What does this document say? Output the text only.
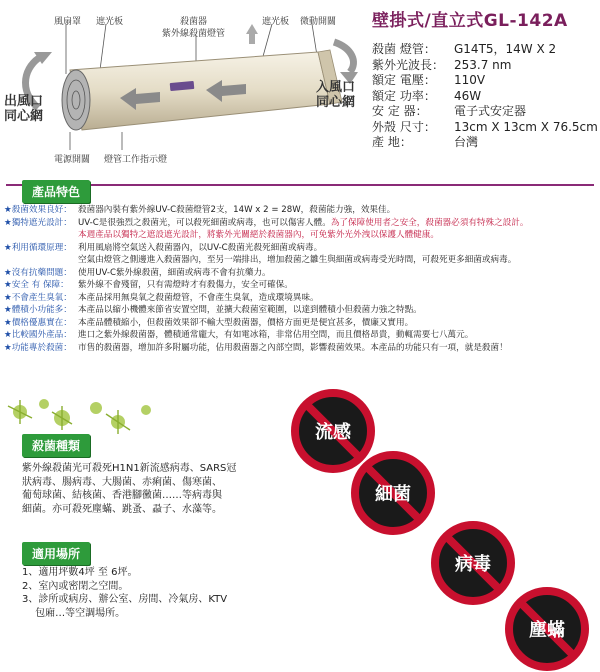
風扇罩 遮光板	殺菌器
紫外線殺菌燈管
遮光板 微動開關
出風口
同心網
入風口
同心網
電源開關 燈管工作指示燈
壁掛式/直立式GL-142A
殺菌 燈管： G14T5，14W X 2
紫外光波長： 253.7 nm
額定 電壓： 110V
額定 功率： 46W
安 定 器： 電子式安定器
外殼 尺寸： 13cm X 13cm X 76.5cm
產 地：	台灣
產品特色
★殺菌效果良好： 殺菌器內裝有紫外線UV-C殺菌燈管2支，14W x 2 = 28W，殺菌能力強，效果佳。
★獨特遮光設計： UV-C是很強烈之殺菌光，可以殺死細菌或病毒，也可以傷害人體。為了保障使用者之安全，殺菌器必須有特殊之設計。
本週產品以獨特之遮設遮光設計，將紫外光關絕於殺菌器內，可免紫外光外洩以保護人體健康。
★利用循環原理： 利用風扇將空氣送入殺菌器內，以UV-C殺菌光殺死細菌或病毒。
空氣由燈管之側邊進入殺菌器內，至另一端排出，增加殺菌之雛生與細菌或病毒受光時間，可殺死更多細菌或病毒。
★沒有抗藥問題： 使用UV-C紫外線殺菌，細菌或病毒不會有抗藥力。
★安全 有 保障： 紫外線不會殘留，只有需燈時才有殺傷力，安全可確保。
★不會產生臭氧： 本產品採用無臭氧之殺菌燈管，不會產生臭氧，造成環境異味。
★體積小功能多： 本產品以縮小機體來節省安置空間，並擴大殺菌室範圍，以達到體積小但殺菌力強之特點。
★價格優惠實在： 本產品體積縮小，但殺菌效果卻不輸大型殺菌器，價格方面更是便宜甚多，價廉又實用。
★比較國外產品： 進口之紫外線殺菌器，體積通常龐大，有如電冰箱，非常佔用空間，而且價格昂貴，動輒需要七八萬元。
★功能專於殺菌： 市售的殺菌器，增加許多附屬功能，佔用殺菌器之內部空間，影響殺菌效果。本產品的功能只有一項，就是殺菌！
殺菌種類
紫外線殺菌光可殺死H1N1新流感病毒、SARS冠
狀病毒、腸病毒、大腸菌、赤痢菌、傷寒菌、
葡萄球菌、結核菌、香港腳黴菌……等病毒與
細菌。亦可殺死塵蟎、跳蚤、蝨子、水藻等。
適用場所
1、適用坪數4坪 至 6坪。
2、室內或密閉之空間。
3、診所或病房、辦公室、房間、冷氣房、KTV
　 包廂…等空調場所。
流感
細菌
病毒
塵蟎
